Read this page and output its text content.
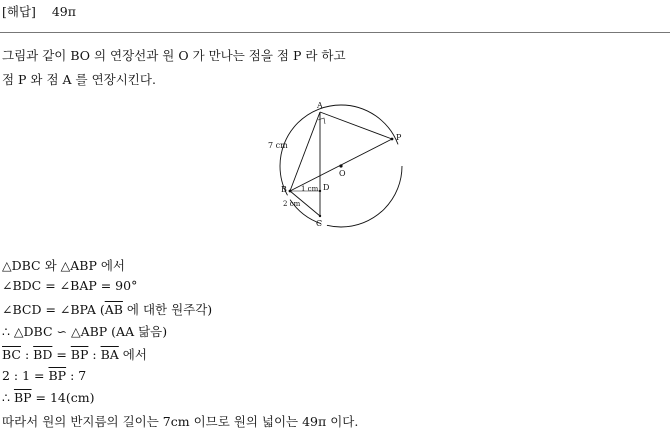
[해답] 49π
그림과 같이 BO 의 연장선과 원 O 가 만나는 점을 점 P 라 하고
점 P 와 점 A 를 연장시킨다.
A
P
O
B	D
C
7 cm
1 cm
2 cm
△DBC 와 △ABP 에서
∠BDC = ∠BAP = 90°
∠BCD = ∠BPA ($\overline{AB}$ 에 대한 원주각)
∴ △DBC ∽ △ABP (AA 닮음)
$\overline{BC}$ : $\overline{BD} = \overline{BP}$ : $\overline{BA}$ 에서
2 : $1 = \overline{BP}$ : 7
∴ $\overline{BP} = 14(cm)$
따라서 원의 반지름의 길이는 7cm 이므로 원의 넓이는 49π 이다.
